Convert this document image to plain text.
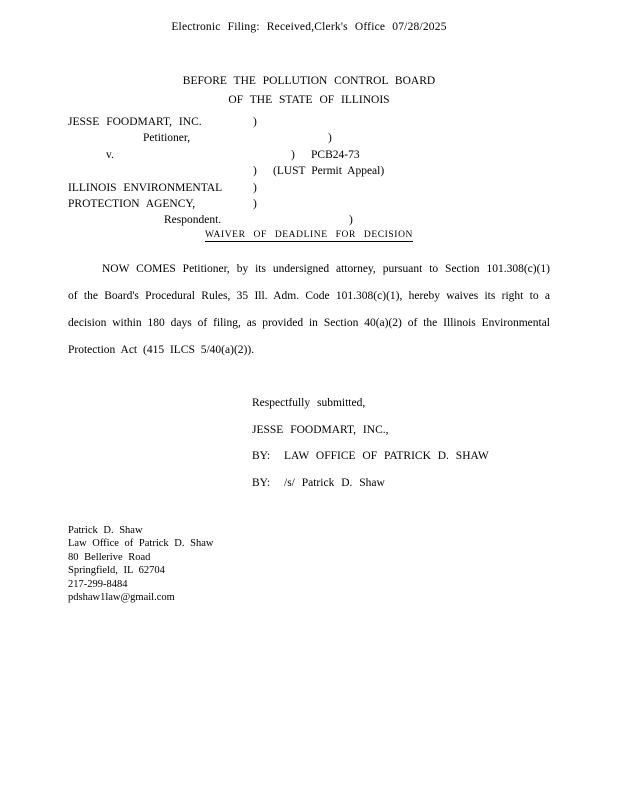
Electronic Filing: Received,Clerk's Office 07/28/2025
BEFORE THE POLLUTION CONTROL BOARD
OF THE STATE OF ILLINOIS
JESSE FOODMART, INC.	)
Petitioner,	)
v.	)	PCB24-73
)	(LUST Permit Appeal)
ILLINOIS ENVIRONMENTAL	)
PROTECTION AGENCY,	)
Respondent.	)
WAIVER OF DEADLINE FOR DECISION
NOW COMES Petitioner, by its undersigned attorney, pursuant to Section 101.308(c)(1) of the Board's Procedural Rules, 35 Ill. Adm. Code 101.308(c)(1), hereby waives its right to a decision within 180 days of filing, as provided in Section 40(a)(2) of the Illinois Environmental Protection Act (415 ILCS 5/40(a)(2)).
Respectfully submitted,
JESSE FOODMART, INC.,
BY: LAW OFFICE OF PATRICK D. SHAW
BY: /s/ Patrick D. Shaw
Patrick D. Shaw
Law Office of Patrick D. Shaw
80 Bellerive Road
Springfield, IL 62704
217-299-8484
pdshaw1law@gmail.com
